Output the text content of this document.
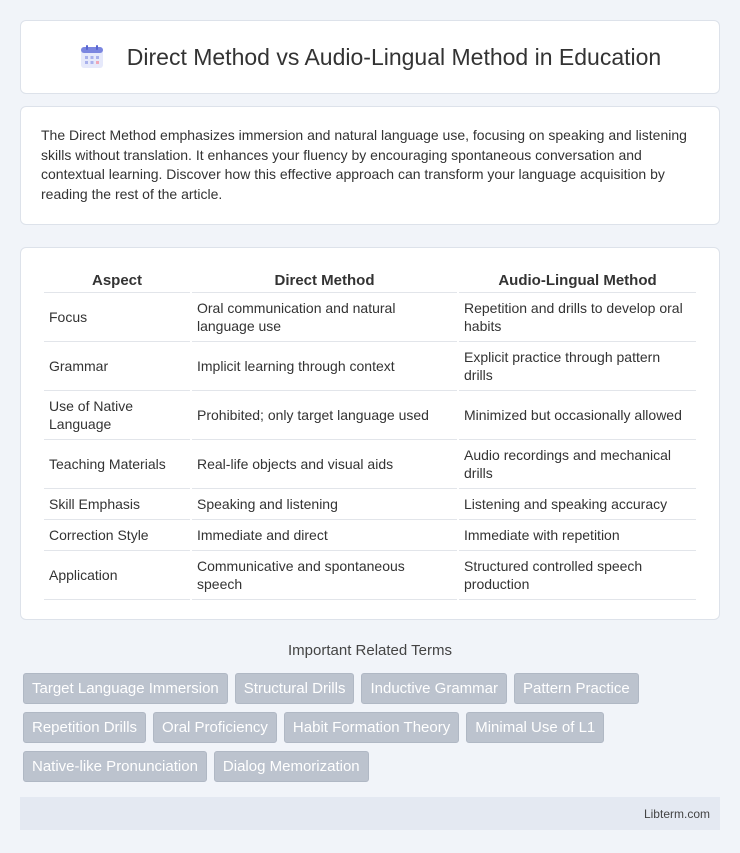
Direct Method vs Audio-Lingual Method in Education

The Direct Method emphasizes immersion and natural language use, focusing on speaking and listening skills without translation. It enhances your fluency by encouraging spontaneous conversation and contextual learning. Discover how this effective approach can transform your language acquisition by reading the rest of the article.

Aspect	Direct Method	Audio-Lingual Method
Focus	Oral communication and natural language use	Repetition and drills to develop oral habits
Grammar	Implicit learning through context	Explicit practice through pattern drills
Use of Native Language	Prohibited; only target language used	Minimized but occasionally allowed
Teaching Materials	Real-life objects and visual aids	Audio recordings and mechanical drills
Skill Emphasis	Speaking and listening	Listening and speaking accuracy
Correction Style	Immediate and direct	Immediate with repetition
Application	Communicative and spontaneous speech	Structured controlled speech production
Important Related Terms
Target Language Immersion	Structural Drills	Inductive Grammar	Pattern Practice
Repetition Drills	Oral Proficiency	Habit Formation Theory	Minimal Use of L1
Native-like Pronunciation	Dialog Memorization
Libterm.com
